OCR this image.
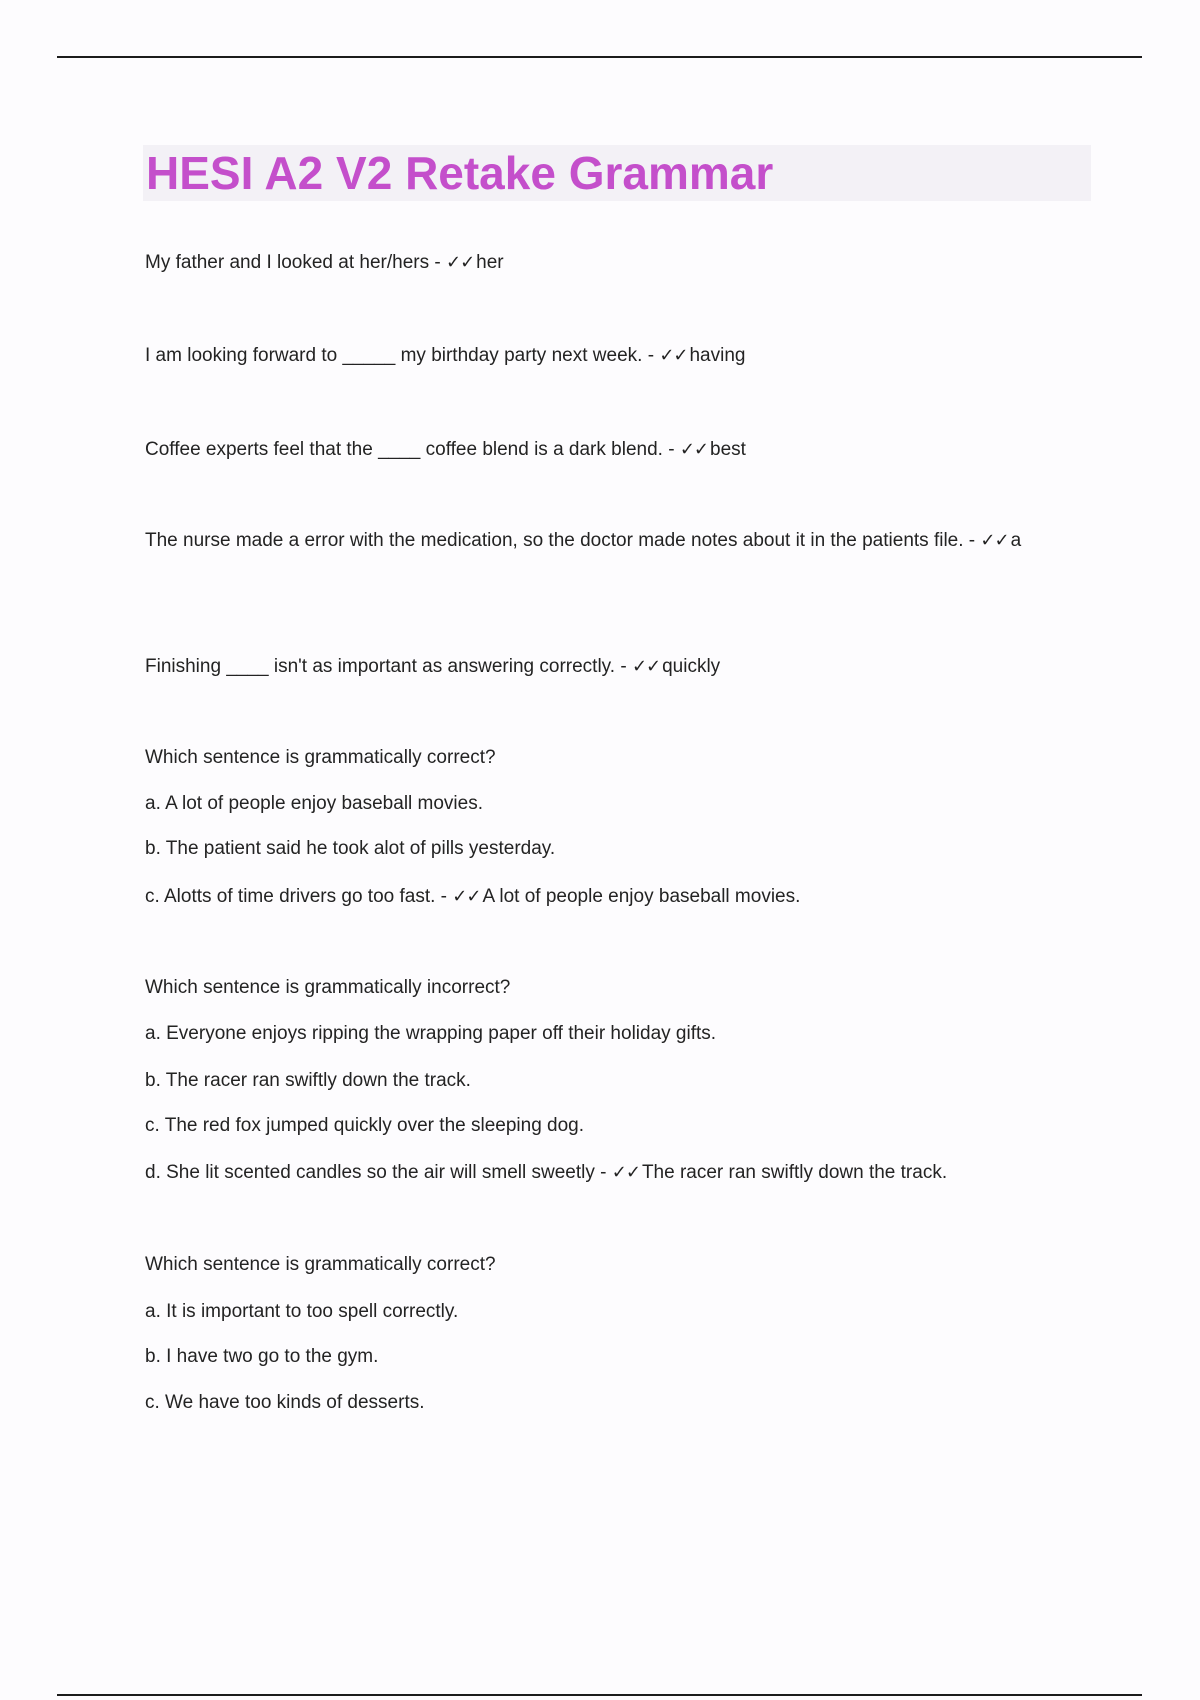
HESI A2 V2 Retake Grammar

My father and I looked at her/hers - ✓✓ her

I am looking forward to _____ my birthday party next week. - ✓✓ having

Coffee experts feel that the ____ coffee blend is a dark blend. - ✓✓ best

The nurse made a error with the medication, so the doctor made notes about it in the patients file. - ✓✓ a

Finishing ____ isn't as important as answering correctly. - ✓✓ quickly

Which sentence is grammatically correct?

a. A lot of people enjoy baseball movies.

b. The patient said he took alot of pills yesterday.

c. Alotts of time drivers go too fast. - ✓✓ A lot of people enjoy baseball movies.

Which sentence is grammatically incorrect?

a. Everyone enjoys ripping the wrapping paper off their holiday gifts.

b. The racer ran swiftly down the track.

c. The red fox jumped quickly over the sleeping dog.

d. She lit scented candles so the air will smell sweetly - ✓✓ The racer ran swiftly down the track.

Which sentence is grammatically correct?

a. It is important to too spell correctly.

b. I have two go to the gym.

c. We have too kinds of desserts.
